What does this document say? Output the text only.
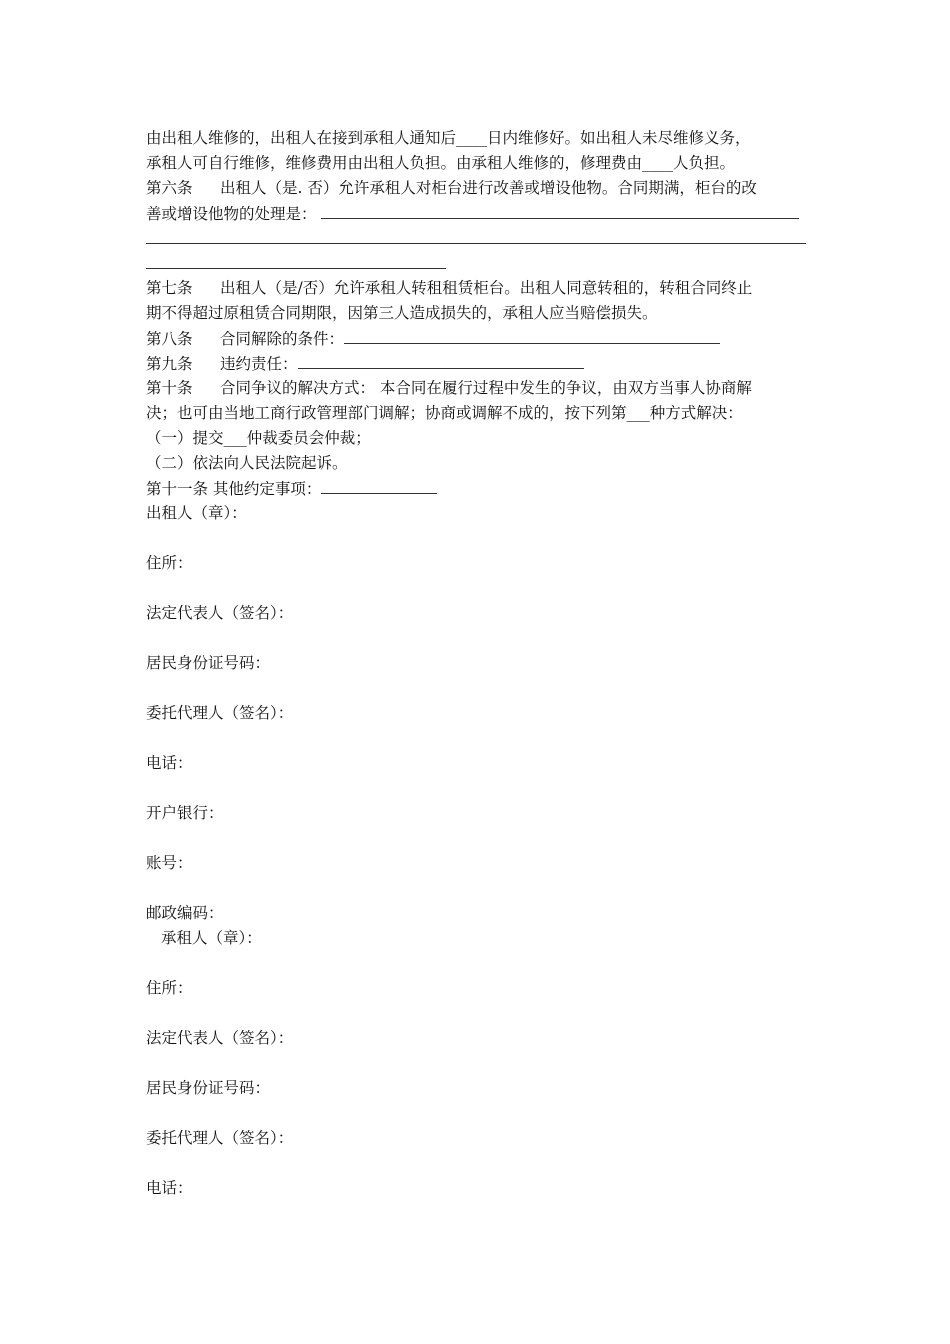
由出租人维修的，出租人在接到承租人通知后____日内维修好。如出租人未尽维修义务，
承租人可自行维修，维修费用由出租人负担。由承租人维修的，修理费由____人负担。
第六条 出租人（是. 否）允许承租人对柜台进行改善或增设他物。合同期满，柜台的改
善或增设他物的处理是：
第七条 出租人（是/否）允许承租人转租租赁柜台。出租人同意转租的，转租合同终止
期不得超过原租赁合同期限，因第三人造成损失的，承租人应当赔偿损失。
第八条 合同解除的条件：
第九条 违约责任：
第十条 合同争议的解决方式： 本合同在履行过程中发生的争议，由双方当事人协商解
决；也可由当地工商行政管理部门调解；协商或调解不成的，按下列第___种方式解决：
（一）提交___仲裁委员会仲裁；
（二）依法向人民法院起诉。
第十一条 其他约定事项：
出租人（章）：
住所：
法定代表人（签名）：
居民身份证号码：
委托代理人（签名）：
电话：
开户银行：
账号：
邮政编码：
承租人（章）：
住所：
法定代表人（签名）：
居民身份证号码：
委托代理人（签名）：
电话：
